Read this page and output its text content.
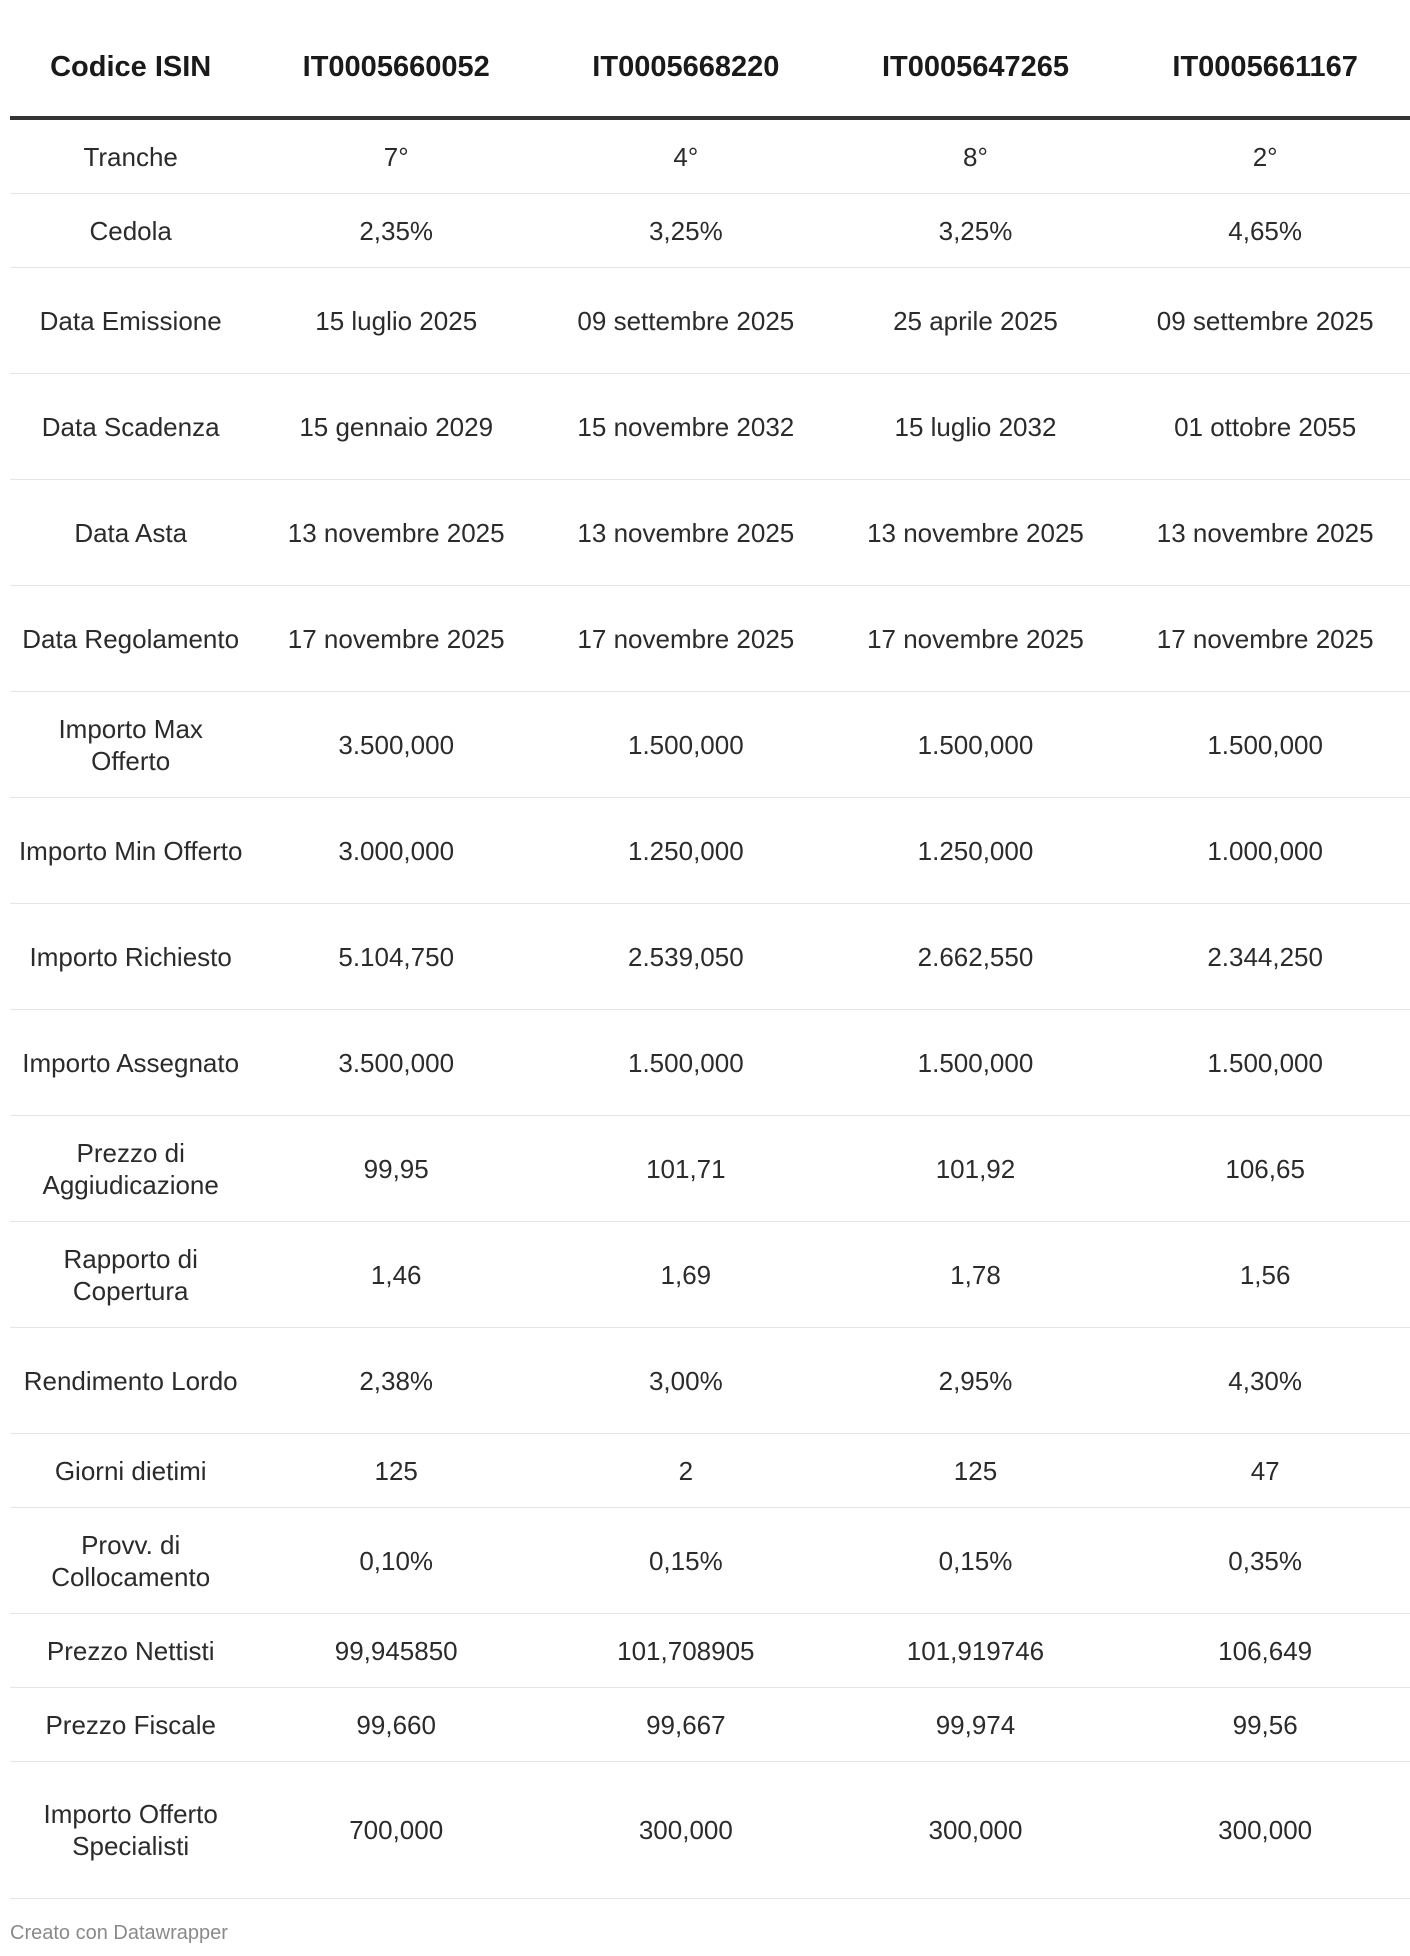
Codice ISIN	IT0005660052	IT0005668220	IT0005647265	IT0005661167
Tranche	7°	4°	8°	2°
Cedola	2,35%	3,25%	3,25%	4,65%
Data Emissione	15 luglio 2025	09 settembre 2025	25 aprile 2025	09 settembre 2025
Data Scadenza	15 gennaio 2029	15 novembre 2032	15 luglio 2032	01 ottobre 2055
Data Asta	13 novembre 2025	13 novembre 2025	13 novembre 2025	13 novembre 2025
Data Regolamento	17 novembre 2025	17 novembre 2025	17 novembre 2025	17 novembre 2025
Importo Max Offerto	3.500,000	1.500,000	1.500,000	1.500,000
Importo Min Offerto	3.000,000	1.250,000	1.250,000	1.000,000
Importo Richiesto	5.104,750	2.539,050	2.662,550	2.344,250
Importo Assegnato	3.500,000	1.500,000	1.500,000	1.500,000
Prezzo di Aggiudicazione	99,95	101,71	101,92	106,65
Rapporto di Copertura	1,46	1,69	1,78	1,56
Rendimento Lordo	2,38%	3,00%	2,95%	4,30%
Giorni dietimi	125	2	125	47
Provv. di Collocamento	0,10%	0,15%	0,15%	0,35%
Prezzo Nettisti	99,945850	101,708905	101,919746	106,649
Prezzo Fiscale	99,660	99,667	99,974	99,56
Importo Offerto Specialisti	700,000	300,000	300,000	300,000
Creato con Datawrapper
